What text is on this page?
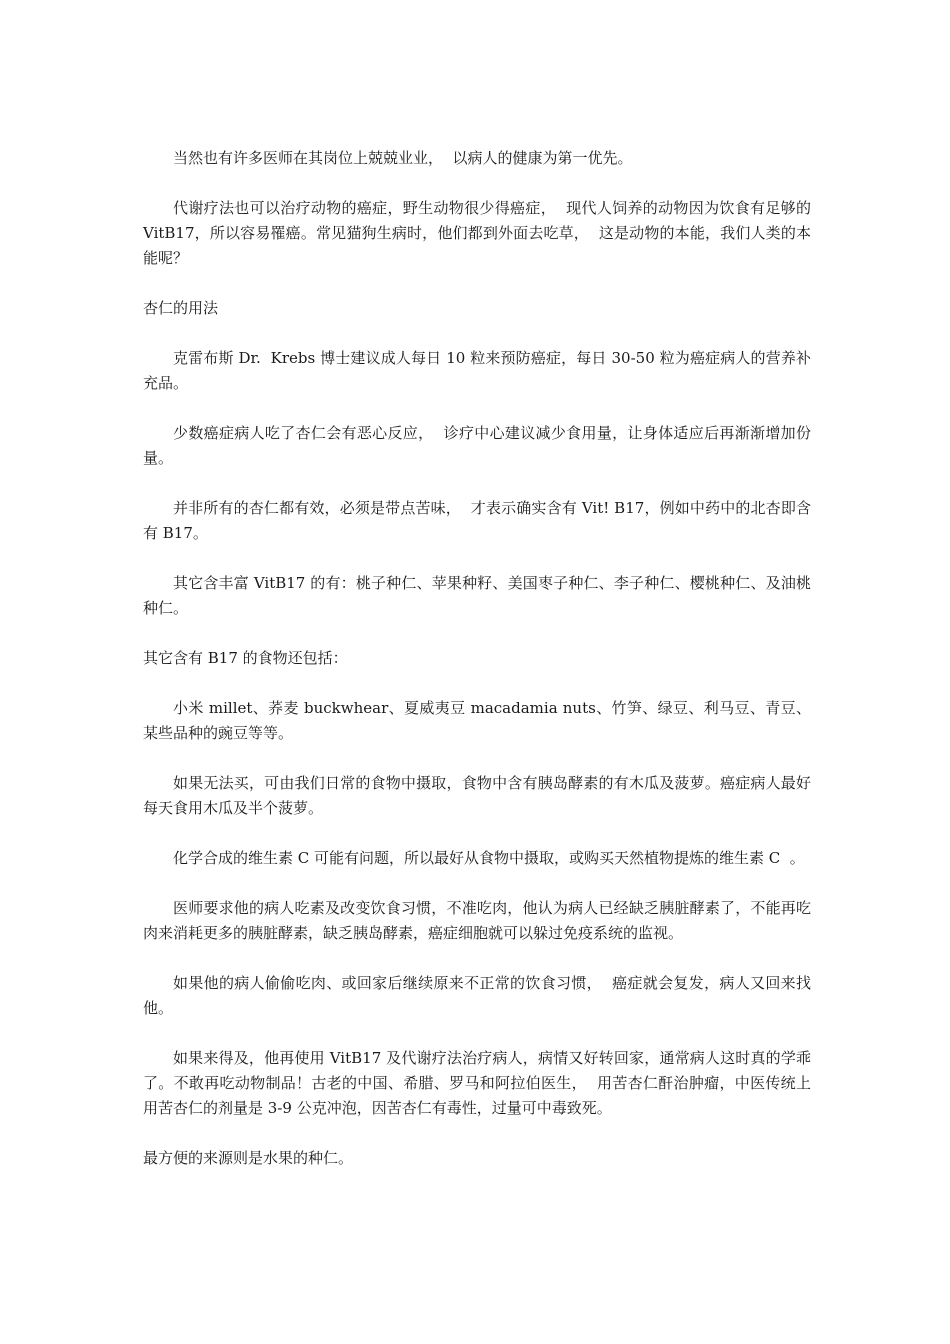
当然也有许多医师在其岗位上兢兢业业，  以病人的健康为第一优先。

代谢疗法也可以治疗动物的癌症，野生动物很少得癌症，  现代人饲养的动物因为饮食有足够的 VitB17，所以容易罹癌。常见猫狗生病时，他们都到外面去吃草，  这是动物的本能，我们人类的本能呢？

杏仁的用法

克雷布斯 Dr.  Krebs 博士建议成人每日 10 粒来预防癌症，每日 30-50 粒为癌症病人的营养补充品。

少数癌症病人吃了杏仁会有恶心反应，  诊疗中心建议减少食用量，让身体适应后再渐渐增加份量。

并非所有的杏仁都有效，必须是带点苦味，  才表示确实含有 Vit! B17，例如中药中的北杏即含有 B17。

其它含丰富 VitB17 的有：桃子种仁、苹果种籽、美国枣子种仁、李子种仁、樱桃种仁、及油桃种仁。

其它含有 B17 的食物还包括：

小米 millet、荞麦 buckwhear、夏威夷豆 macadamia nuts、竹笋、绿豆、利马豆、青豆、某些品种的豌豆等等。

如果无法买，可由我们日常的食物中摄取，食物中含有胰岛酵素的有木瓜及菠萝。癌症病人最好每天食用木瓜及半个菠萝。

化学合成的维生素 C 可能有问题，所以最好从食物中摄取，或购买天然植物提炼的维生素 C  。

医师要求他的病人吃素及改变饮食习惯，不准吃肉，他认为病人已经缺乏胰脏酵素了，不能再吃肉来消耗更多的胰脏酵素，缺乏胰岛酵素，癌症细胞就可以躲过免疫系统的监视。

如果他的病人偷偷吃肉、或回家后继续原来不正常的饮食习惯，  癌症就会复发，病人又回来找他。

如果来得及，他再使用 VitB17 及代谢疗法治疗病人，病情又好转回家，通常病人这时真的学乖了。不敢再吃动物制品！古老的中国、希腊、罗马和阿拉伯医生，  用苦杏仁酐治肿瘤，中医传统上用苦杏仁的剂量是 3-9 公克冲泡，因苦杏仁有毒性，过量可中毒致死。

最方便的来源则是水果的种仁。
